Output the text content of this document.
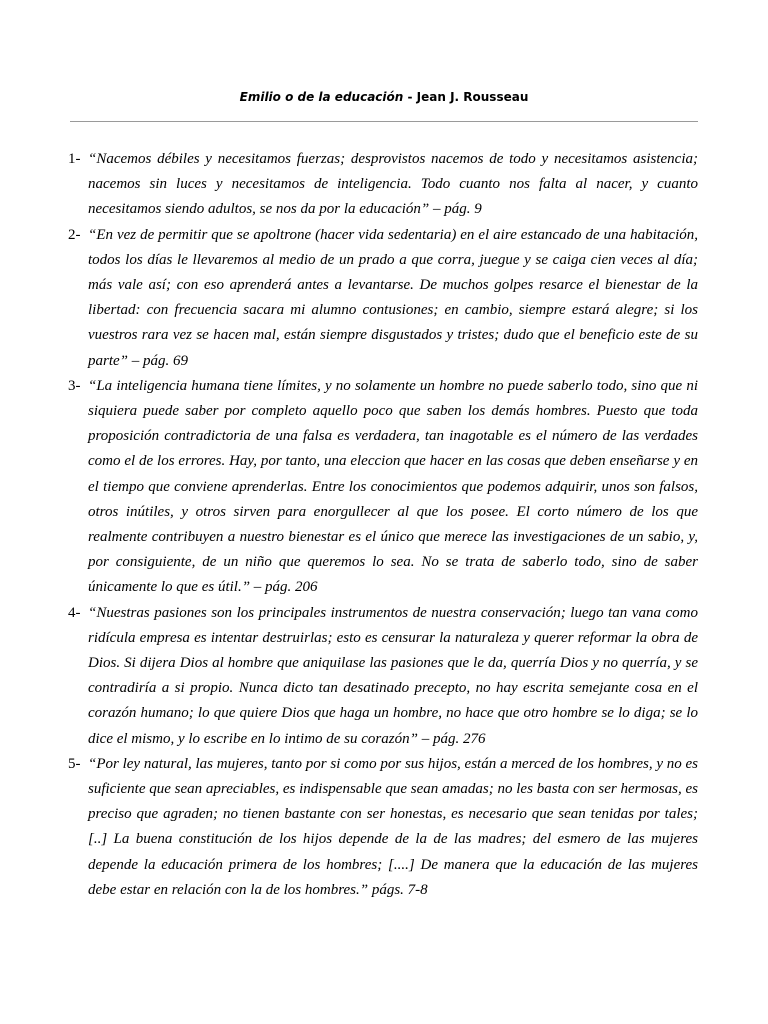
Emilio o de la educación - Jean J. Rousseau
1- “Nacemos débiles y necesitamos fuerzas; desprovistos nacemos de todo y necesitamos asistencia; nacemos sin luces y necesitamos de inteligencia. Todo cuanto nos falta al nacer, y cuanto necesitamos siendo adultos, se nos da por la educación” – pág. 9
2- “En vez de permitir que se apoltrone (hacer vida sedentaria) en el aire estancado de una habitación, todos los días le llevaremos al medio de un prado a que corra, juegue y se caiga cien veces al día; más vale así; con eso aprenderá antes a levantarse. De muchos golpes resarce el bienestar de la libertad: con frecuencia sacara mi alumno contusiones; en cambio, siempre estará alegre; si los vuestros rara vez se hacen mal, están siempre disgustados y tristes; dudo que el beneficio este de su parte” – pág. 69
3- “La inteligencia humana tiene límites, y no solamente un hombre no puede saberlo todo, sino que ni siquiera puede saber por completo aquello poco que saben los demás hombres. Puesto que toda proposición contradictoria de una falsa es verdadera, tan inagotable es el número de las verdades como el de los errores. Hay, por tanto, una eleccion que hacer en las cosas que deben enseñarse y en el tiempo que conviene aprenderlas. Entre los conocimientos que podemos adquirir, unos son falsos, otros inútiles, y otros sirven para enorgullecer al que los posee. El corto número de los que realmente contribuyen a nuestro bienestar es el único que merece las investigaciones de un sabio, y, por consiguiente, de un niño que queremos lo sea. No se trata de saberlo todo, sino de saber únicamente lo que es útil.” – pág. 206
4- “Nuestras pasiones son los principales instrumentos de nuestra conservación; luego tan vana como ridícula empresa es intentar destruirlas; esto es censurar la naturaleza y querer reformar la obra de Dios. Si dijera Dios al hombre que aniquilase las pasiones que le da, querría Dios y no querría, y se contradiría a si propio. Nunca dicto tan desatinado precepto, no hay escrita semejante cosa en el corazón humano; lo que quiere Dios que haga un hombre, no hace que otro hombre se lo diga; se lo dice el mismo, y lo escribe en lo intimo de su corazón” – pág. 276
5- “Por ley natural, las mujeres, tanto por si como por sus hijos, están a merced de los hombres, y no es suficiente que sean apreciables, es indispensable que sean amadas; no les basta con ser hermosas, es preciso que agraden; no tienen bastante con ser honestas, es necesario que sean tenidas por tales; [..] La buena constitución de los hijos depende de la de las madres; del esmero de las mujeres depende la educación primera de los hombres; [....] De manera que la educación de las mujeres debe estar en relación con la de los hombres.” págs. 7-8
